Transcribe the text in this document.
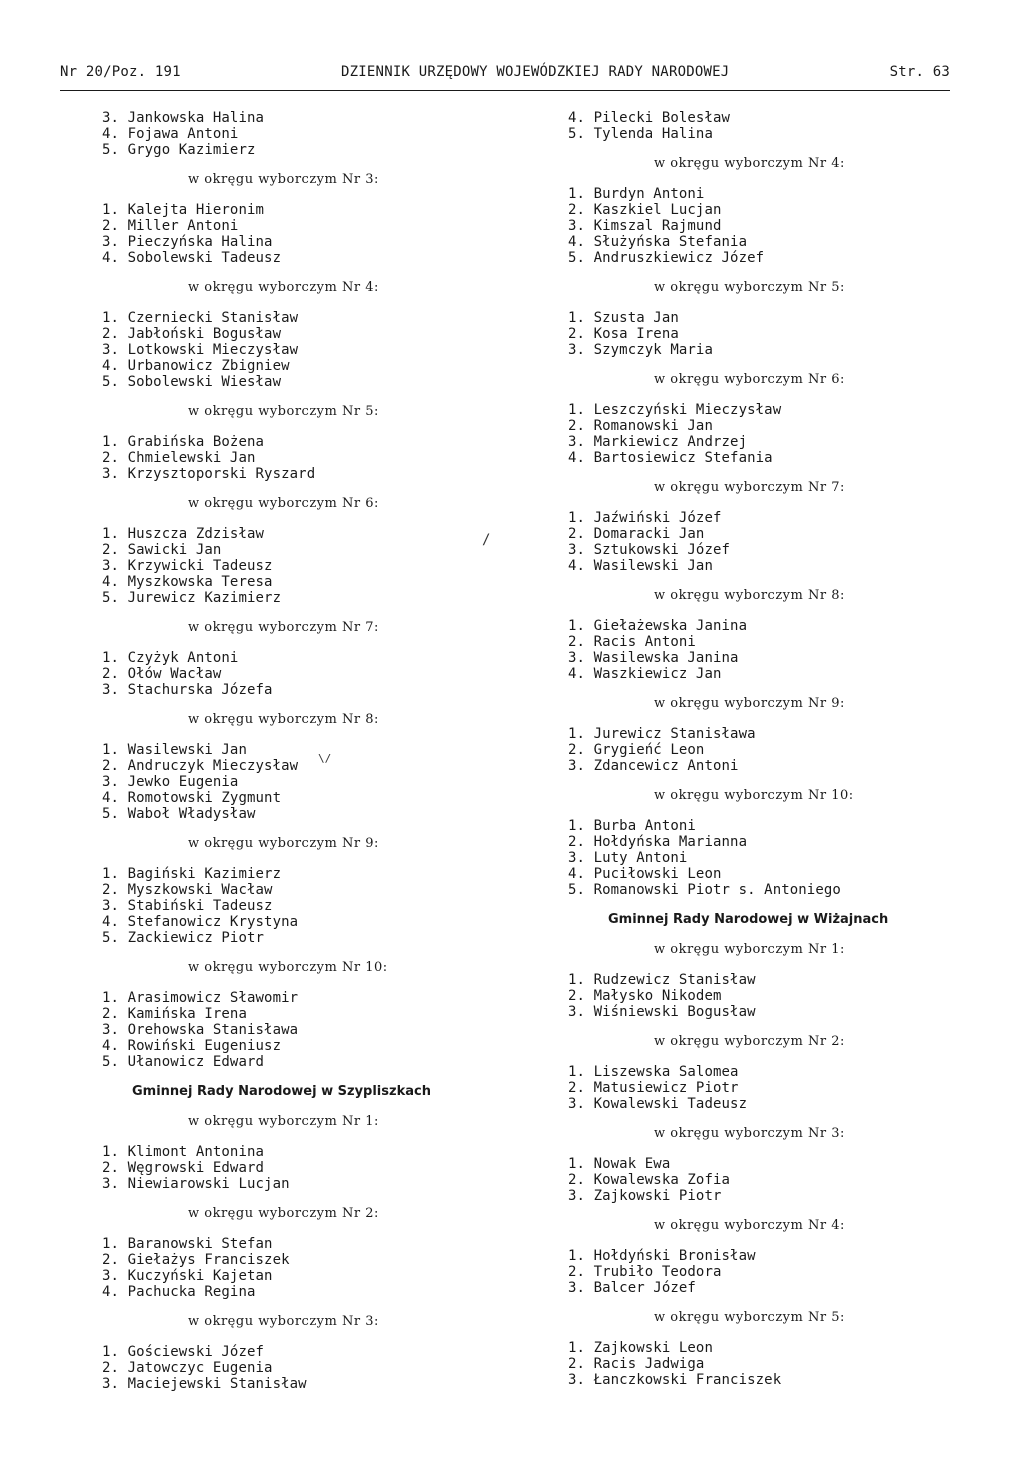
Nr 20/Poz. 191	DZIENNIK URZĘDOWY WOJEWÓDZKIEJ RADY NARODOWEJ	Str. 63
3. Jankowska Halina
4. Fojawa Antoni
5. Grygo Kazimierz
w okręgu wyborczym Nr 3:
1. Kalejta Hieronim
2. Miller Antoni
3. Pieczyńska Halina
4. Sobolewski Tadeusz
w okręgu wyborczym Nr 4:
1. Czerniecki Stanisław
2. Jabłoński Bogusław
3. Lotkowski Mieczysław
4. Urbanowicz Zbigniew
5. Sobolewski Wiesław
w okręgu wyborczym Nr 5:
1. Grabińska Bożena
2. Chmielewski Jan
3. Krzysztoporski Ryszard
w okręgu wyborczym Nr 6:
1. Huszcza Zdzisław
2. Sawicki Jan
3. Krzywicki Tadeusz
4. Myszkowska Teresa
5. Jurewicz Kazimierz
w okręgu wyborczym Nr 7:
1. Czyżyk Antoni
2. Ołów Wacław
3. Stachurska Józefa
w okręgu wyborczym Nr 8:
1. Wasilewski Jan
2. Andruczyk Mieczysław
3. Jewko Eugenia
4. Romotowski Zygmunt
5. Waboł Władysław
w okręgu wyborczym Nr 9:
1. Bagiński Kazimierz
2. Myszkowski Wacław
3. Stabiński Tadeusz
4. Stefanowicz Krystyna
5. Zackiewicz Piotr
w okręgu wyborczym Nr 10:
1. Arasimowicz Sławomir
2. Kamińska Irena
3. Orehowska Stanisława
4. Rowiński Eugeniusz
5. Ułanowicz Edward
Gminnej Rady Narodowej w Szypliszkach
w okręgu wyborczym Nr 1:
1. Klimont Antonina
2. Węgrowski Edward
3. Niewiarowski Lucjan
w okręgu wyborczym Nr 2:
1. Baranowski Stefan
2. Giełażys Franciszek
3. Kuczyński Kajetan
4. Pachucka Regina
w okręgu wyborczym Nr 3:
1. Gościewski Józef
2. Jatowczyc Eugenia
3. Maciejewski Stanisław
4. Pilecki Bolesław
5. Tylenda Halina
w okręgu wyborczym Nr 4:
1. Burdyn Antoni
2. Kaszkiel Lucjan
3. Kimszal Rajmund
4. Służyńska Stefania
5. Andruszkiewicz Józef
w okręgu wyborczym Nr 5:
1. Szusta Jan
2. Kosa Irena
3. Szymczyk Maria
w okręgu wyborczym Nr 6:
1. Leszczyński Mieczysław
2. Romanowski Jan
3. Markiewicz Andrzej
4. Bartosiewicz Stefania
w okręgu wyborczym Nr 7:
1. Jaźwiński Józef
2. Domaracki Jan
3. Sztukowski Józef
4. Wasilewski Jan
w okręgu wyborczym Nr 8:
1. Giełażewska Janina
2. Racis Antoni
3. Wasilewska Janina
4. Waszkiewicz Jan
w okręgu wyborczym Nr 9:
1. Jurewicz Stanisława
2. Grygieńć Leon
3. Zdancewicz Antoni
w okręgu wyborczym Nr 10:
1. Burba Antoni
2. Hołdyńska Marianna
3. Luty Antoni
4. Puciłowski Leon
5. Romanowski Piotr s. Antoniego
Gminnej Rady Narodowej w Wiżajnach
w okręgu wyborczym Nr 1:
1. Rudzewicz Stanisław
2. Małysko Nikodem
3. Wiśniewski Bogusław
w okręgu wyborczym Nr 2:
1. Liszewska Salomea
2. Matusiewicz Piotr
3. Kowalewski Tadeusz
w okręgu wyborczym Nr 3:
1. Nowak Ewa
2. Kowalewska Zofia
3. Zajkowski Piotr
w okręgu wyborczym Nr 4:
1. Hołdyński Bronisław
2. Trubiło Teodora
3. Balcer Józef
w okręgu wyborczym Nr 5:
1. Zajkowski Leon
2. Racis Jadwiga
3. Łanczkowski Franciszek
/
\/
